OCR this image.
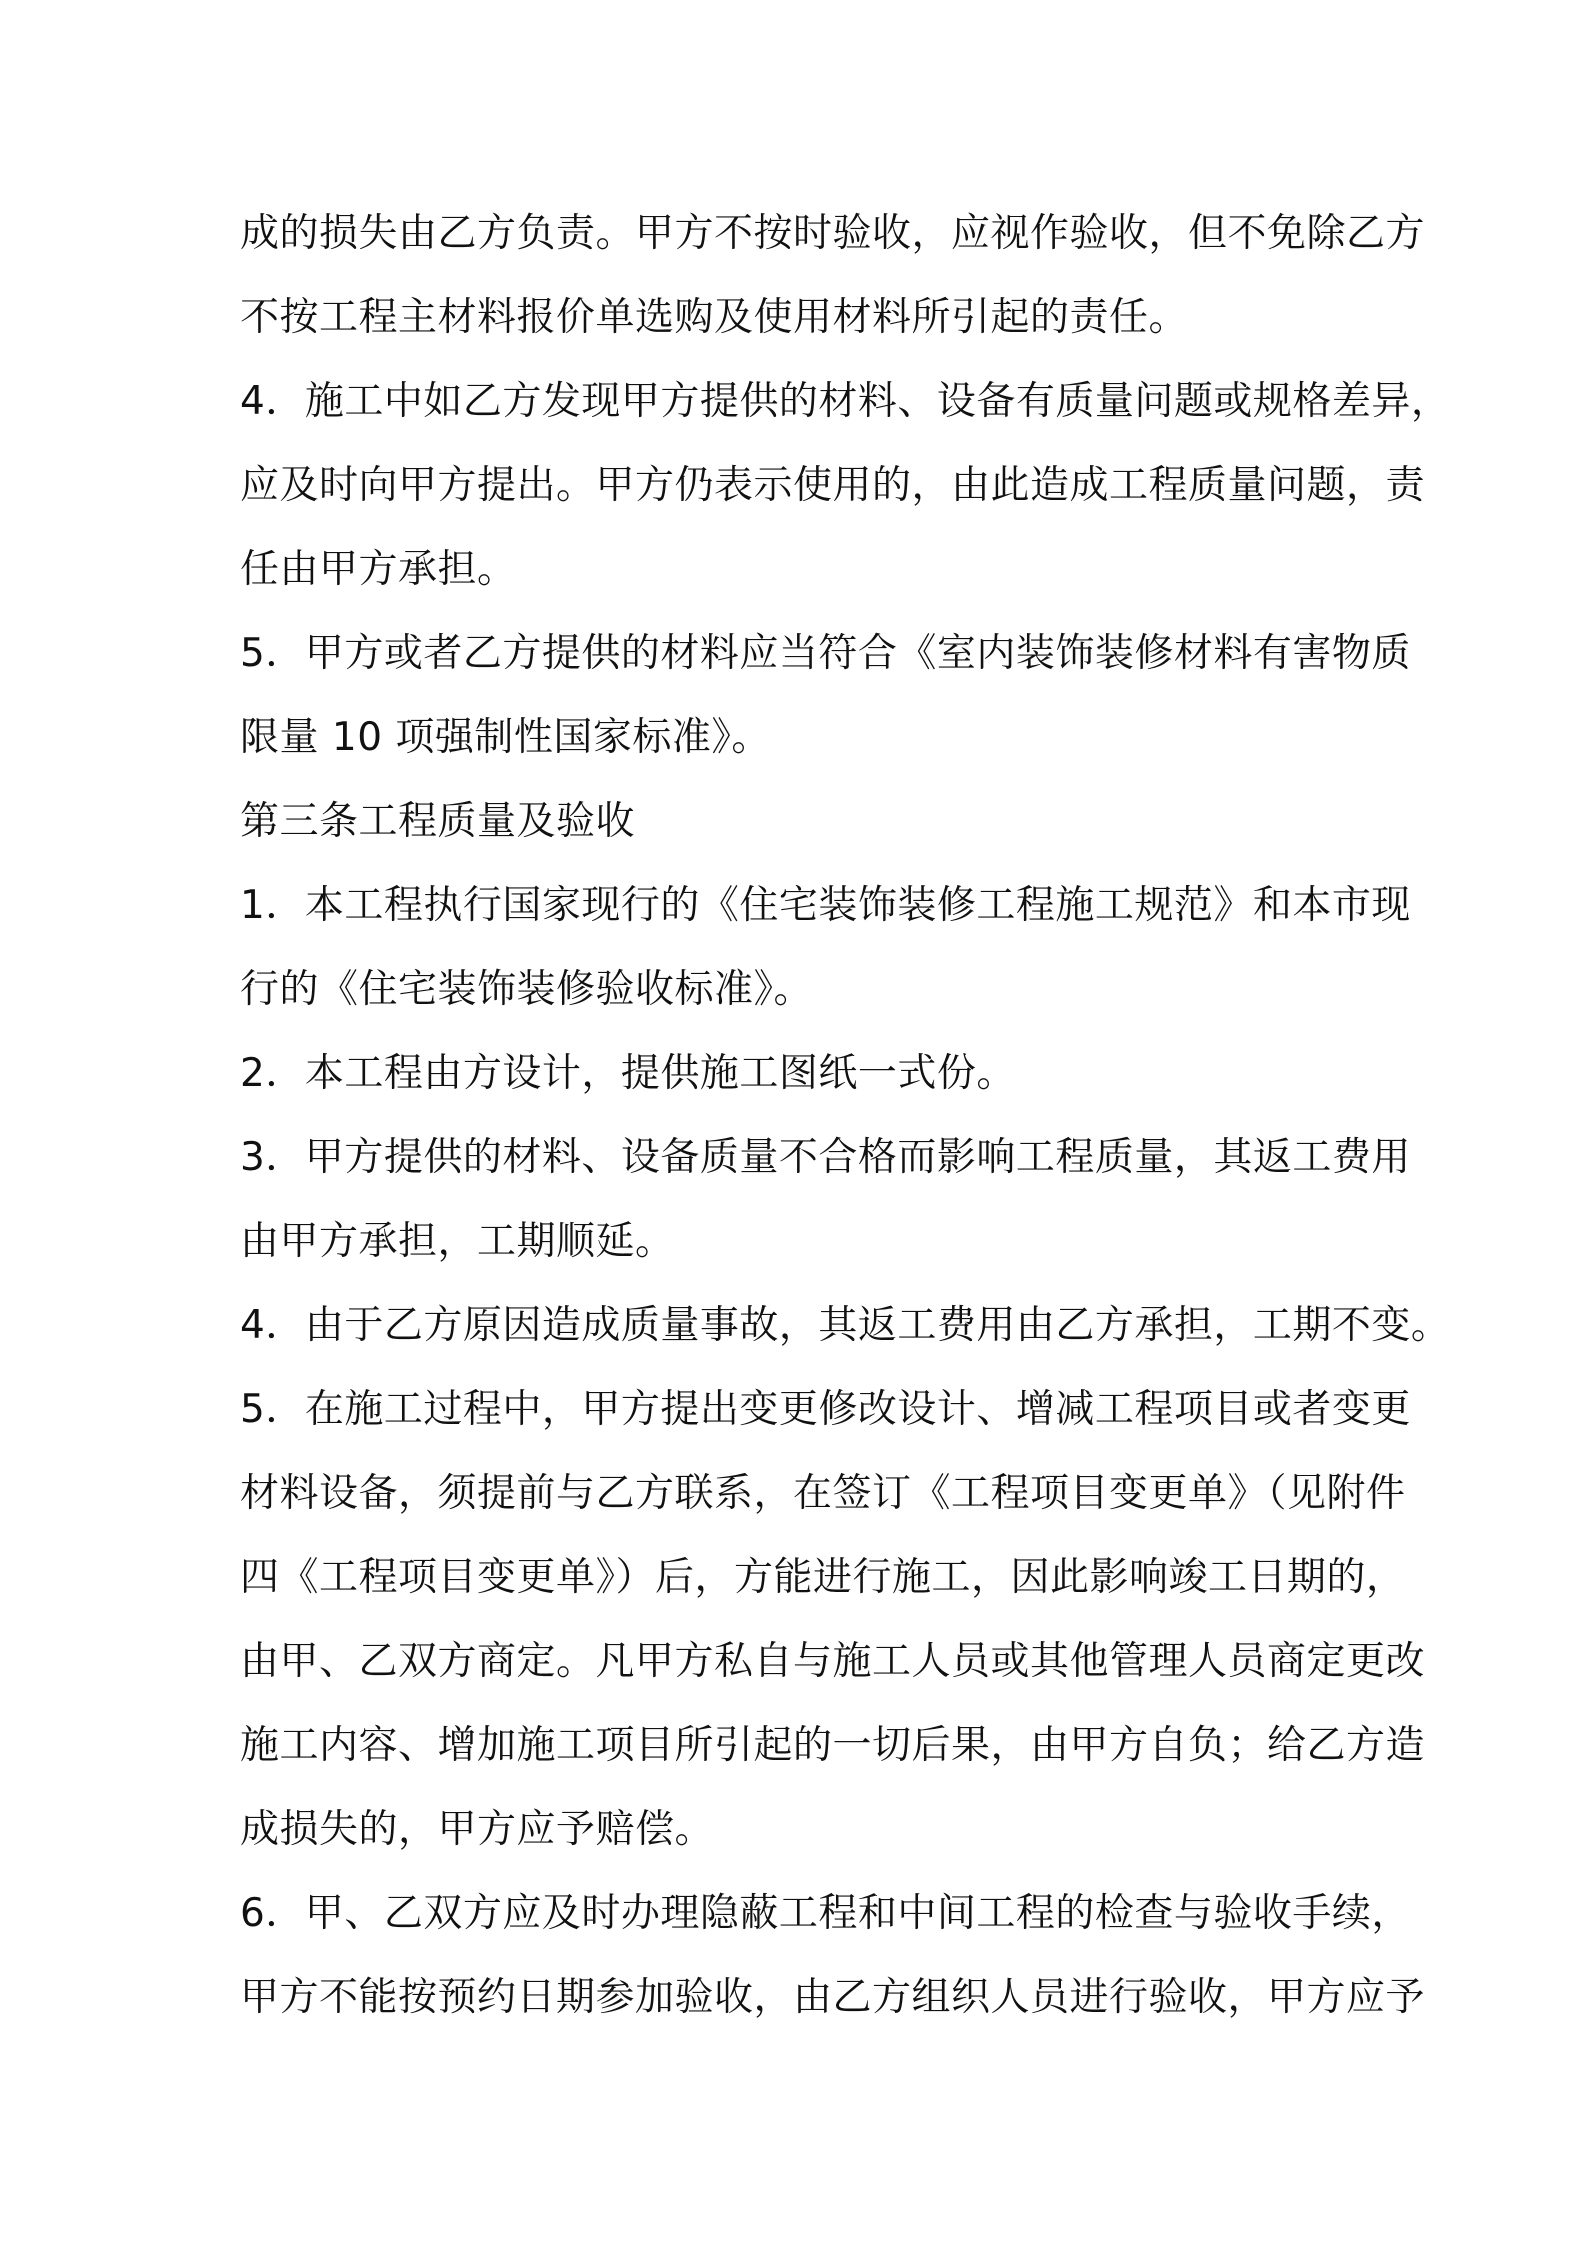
成的损失由乙方负责。甲方不按时验收，应视作验收，但不免除乙方
不按工程主材料报价单选购及使用材料所引起的责任。
4．施工中如乙方发现甲方提供的材料、设备有质量问题或规格差异，
应及时向甲方提出。甲方仍表示使用的，由此造成工程质量问题，责
任由甲方承担。
5．甲方或者乙方提供的材料应当符合《室内装饰装修材料有害物质
限量 10 项强制性国家标准》。
第三条工程质量及验收
1．本工程执行国家现行的《住宅装饰装修工程施工规范》和本市现
行的《住宅装饰装修验收标准》。
2．本工程由方设计，提供施工图纸一式份。
3．甲方提供的材料、设备质量不合格而影响工程质量，其返工费用
由甲方承担，工期顺延。
4．由于乙方原因造成质量事故，其返工费用由乙方承担，工期不变。
5．在施工过程中，甲方提出变更修改设计、增减工程项目或者变更
材料设备，须提前与乙方联系，在签订《工程项目变更单》（见附件
四《工程项目变更单》）后，方能进行施工，因此影响竣工日期的，
由甲、乙双方商定。凡甲方私自与施工人员或其他管理人员商定更改
施工内容、增加施工项目所引起的一切后果，由甲方自负；给乙方造
成损失的，甲方应予赔偿。
6．甲、乙双方应及时办理隐蔽工程和中间工程的检查与验收手续，
甲方不能按预约日期参加验收，由乙方组织人员进行验收，甲方应予
